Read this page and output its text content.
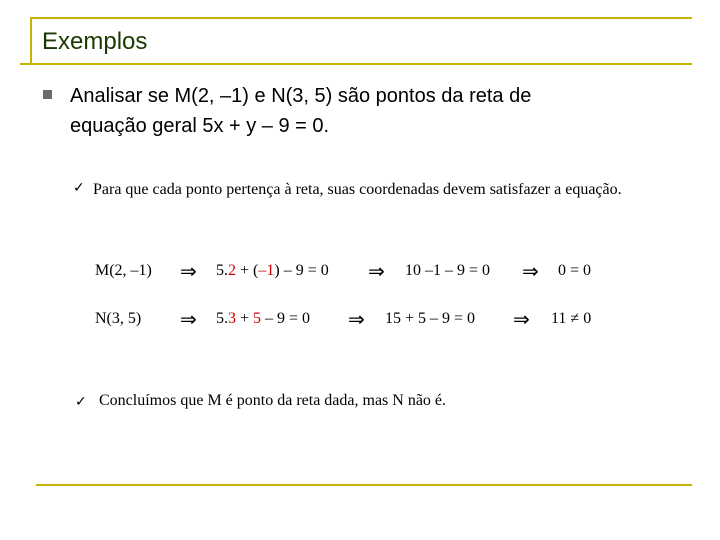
Exemplos
Analisar se M(2, –1) e N(3, 5) são pontos da reta de
equação geral 5x + y – 9 = 0.
✓ Para que cada ponto pertença à reta, suas coordenadas devem satisfazer a equação.
M(2, –1) ⇒ 5.2 + (–1) – 9 = 0 ⇒ 10 –1 – 9 = 0 ⇒ 0 = 0
N(3, 5) ⇒ 5.3 + 5 – 9 = 0 ⇒ 15 + 5 – 9 = 0 ⇒ 11 ≠ 0
✓ Concluímos que M é ponto da reta dada, mas N não é.
